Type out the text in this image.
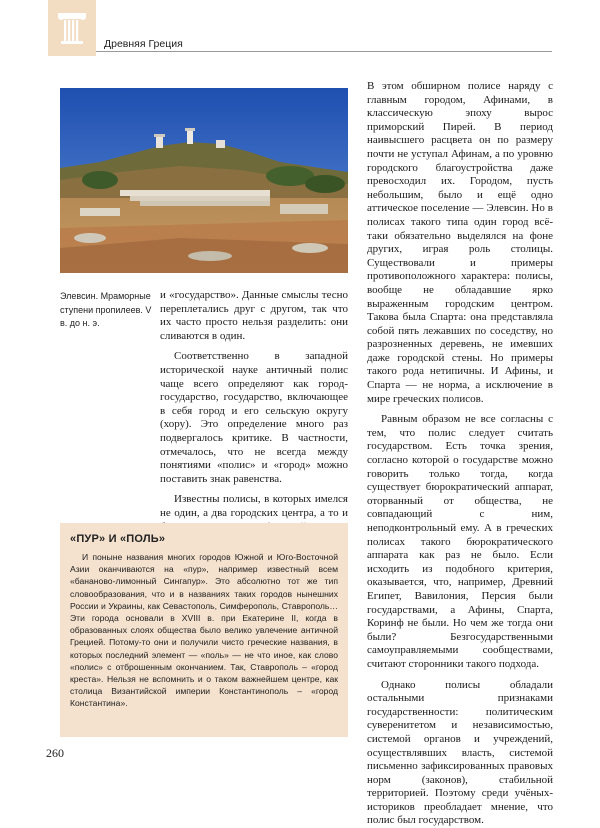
Древняя Греция
Элевсин. Мраморные ступени пропилеев. V в. до н. э.

и «государство». Данные смыслы тесно переплетались друг с другом, так что их часто просто нельзя разделить: они сливаются в один.

Соответственно в западной исторической науке античный полис чаще всего определяют как город-государство, государство, включающее в себя город и его сельскую округу (хору). Это определение много раз подвергалось критике. В частности, отмечалось, что не всегда между понятиями «полис» и «город» можно поставить знак равенства.

Известны полисы, в которых имелся не один, а два городских центра, а то и

В этом обширном полисе наряду с главным городом, Афинами, в классическую эпоху вырос приморский Пирей. В период наивысшего расцвета он по размеру почти не уступал Афинам, а по уровню городского благоустройства даже превосходил их. Городом, пусть небольшим, было и ещё одно аттическое поселение — Элевсин. Но в полисах такого типа один город всё-таки обязательно выделялся на фоне других, играя роль столицы. Существовали и примеры противоположного характера: полисы, вообще не обладавшие ярко выраженным городским центром. Такова была Спарта: она представляла собой пять лежавших по соседству, но разрозненных деревень, не имевших даже городской стены. Но примеры такого рода нетипичны. И Афины, и Спарта — не норма, а исключение в мире греческих полисов.

Равным образом не все согласны с тем, что полис следует считать государством. Есть точка зрения, согласно которой о государстве можно говорить только тогда, когда существует бюрократический аппарат, оторванный от общества, не совпадающий с ним, неподконтрольный ему. А в греческих полисах такого бюрократического аппарата как раз не было. Если исходить из подобного критерия, оказывается, что, например, Древний Египет, Вавилония, Персия были государствами, а Афины, Спарта, Коринф не были. Но чем же тогда они были? Безгосударственными самоуправляемыми сообществами, считают сторонники такого подхода.

Однако полисы обладали остальными признаками государственности: политическим суверенитетом и независимостью, системой органов и учреждений, осуществлявших власть, системой письменно зафиксированных правовых норм (законов), стабильной территорией. Поэтому среди учёных-историков преобладает мнение, что полис был государством.

«ПУР» И «ПОЛЬ»
И поныне названия многих городов Южной и Юго-Восточной Азии оканчиваются на «пур», например известный всем «бананово-лимонный Сингапур». Это абсолютно тот же тип словообразования, что и в названиях таких городов нынешних России и Украины, как Севастополь, Симферополь, Ставрополь… Эти города основали в XVIII в. при Екатерине II, когда в образованных слоях общества было велико увлечение античной Грецией. Потому-то они и получили чисто греческие названия, в которых последний элемент — «поль» — не что иное, как слово «полис» с отброшенным окончанием. Так, Ставрополь – «город креста». Нельзя не вспомнить и о таком важнейшем центре, как столица Византийской империи Константинополь – «город Константина».
260
